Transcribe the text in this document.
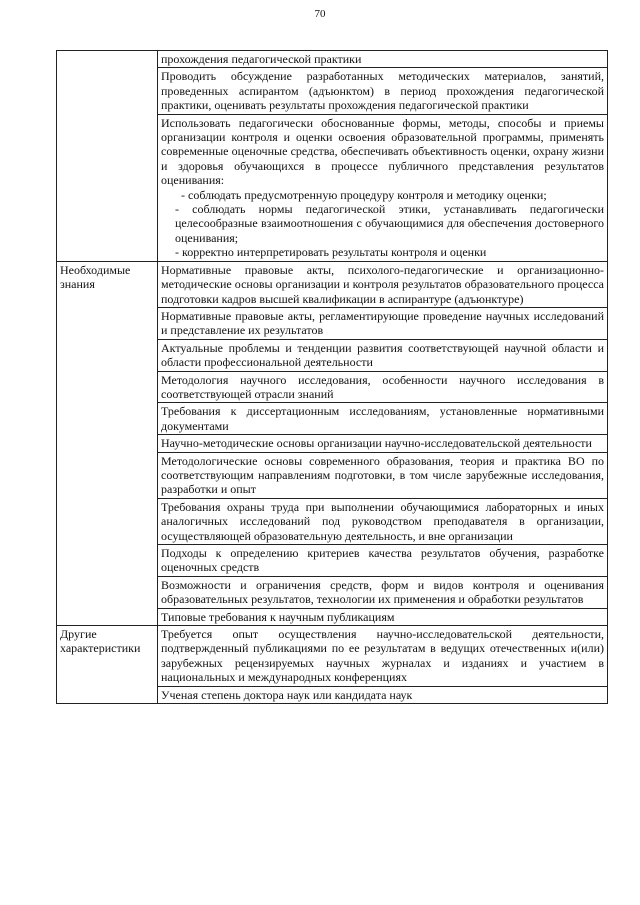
70
	прохождения педагогической практики
	Проводить обсуждение разработанных методических материалов, занятий, проведенных аспирантом (адъюнктом) в период прохождения педагогической практики, оценивать результаты прохождения педагогической практики
	Использовать педагогически обоснованные формы, методы, способы и приемы организации контроля и оценки освоения образовательной программы, применять современные оценочные средства, обеспечивать объективность оценки, охрану жизни и здоровья обучающихся в процессе публичного представления результатов оценивания:
- соблюдать предусмотренную процедуру контроля и методику оценки;
- соблюдать нормы педагогической этики, устанавливать педагогически целесообразные взаимоотношения с обучающимися для обеспечения достоверного оценивания;
- корректно интерпретировать результаты контроля и оценки

Необходимые знания	Нормативные правовые акты, психолого-педагогические и организационно-методические основы организации и контроля результатов образовательного процесса подготовки кадров высшей квалификации в аспирантуре (адъюнктуре)
	Нормативные правовые акты, регламентирующие проведение научных исследований и представление их результатов
	Актуальные проблемы и тенденции развития соответствующей научной области и области профессиональной деятельности
	Методология научного исследования, особенности научного исследования в соответствующей отрасли знаний
	Требования к диссертационным исследованиям, установленные нормативными документами
	Научно-методические основы организации научно-исследовательской деятельности
	Методологические основы современного образования, теория и практика ВО по соответствующим направлениям подготовки, в том числе зарубежные исследования, разработки и опыт
	Требования охраны труда при выполнении обучающимися лабораторных и иных аналогичных исследований под руководством преподавателя в организации, осуществляющей образовательную деятельность, и вне организации
	Подходы к определению критериев качества результатов обучения, разработке оценочных средств
	Возможности и ограничения средств, форм и видов контроля и оценивания образовательных результатов, технологии их применения и обработки результатов
	Типовые требования к научным публикациям
Другие характеристики	Требуется опыт осуществления научно-исследовательской деятельности, подтвержденный публикациями по ее результатам в ведущих отечественных и(или) зарубежных рецензируемых научных журналах и изданиях и участием в национальных и международных конференциях
	Ученая степень доктора наук или кандидата наук
